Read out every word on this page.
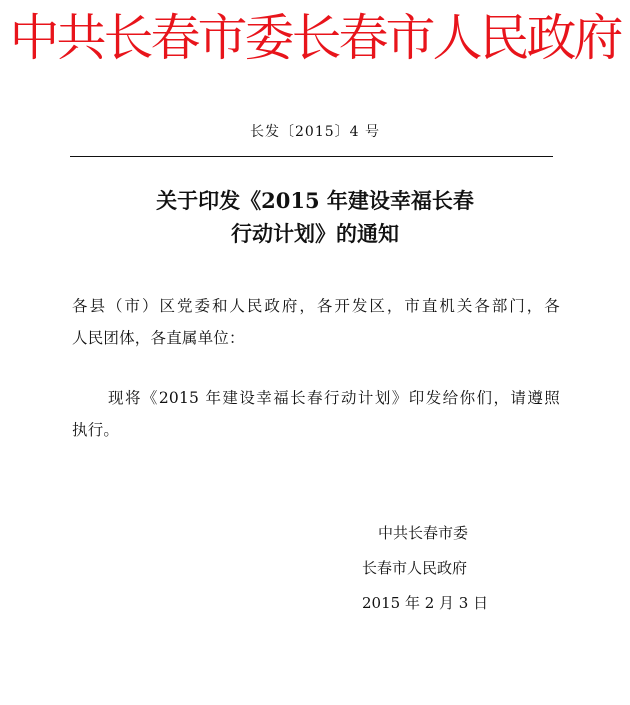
中共长春市委长春市人民政府
长发〔2015〕4 号
关于印发《2015 年建设幸福长春
行动计划》的通知
各县（市）区党委和人民政府，各开发区，市直机关各部门，各
人民团体，各直属单位：
现将《2015 年建设幸福长春行动计划》印发给你们，请遵照
执行。
中共长春市委
长春市人民政府
2015 年 2 月 3 日
